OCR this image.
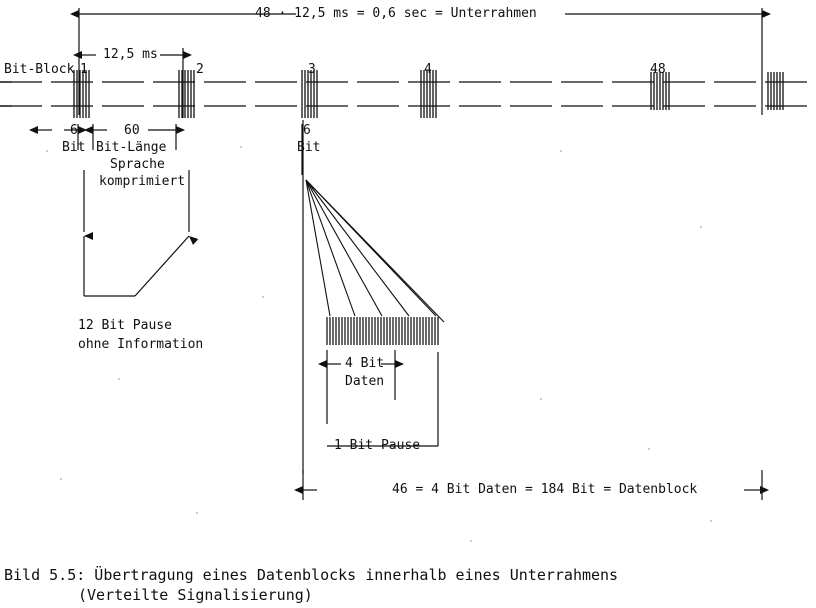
48 · 12,5 ms = 0,6 sec = Unterrahmen
12,5 ms
Bit-Block 1	2	3	4	48
6
Bit
60
Bit-Länge
Sprache
komprimiert
12 Bit Pause
ohne Information
6
Bit
4 Bit
Daten
1 Bit Pause
46 = 4 Bit Daten = 184 Bit = Datenblock
Bild 5.5: Übertragung eines Datenblocks innerhalb eines Unterrahmens
(Verteilte Signalisierung)
